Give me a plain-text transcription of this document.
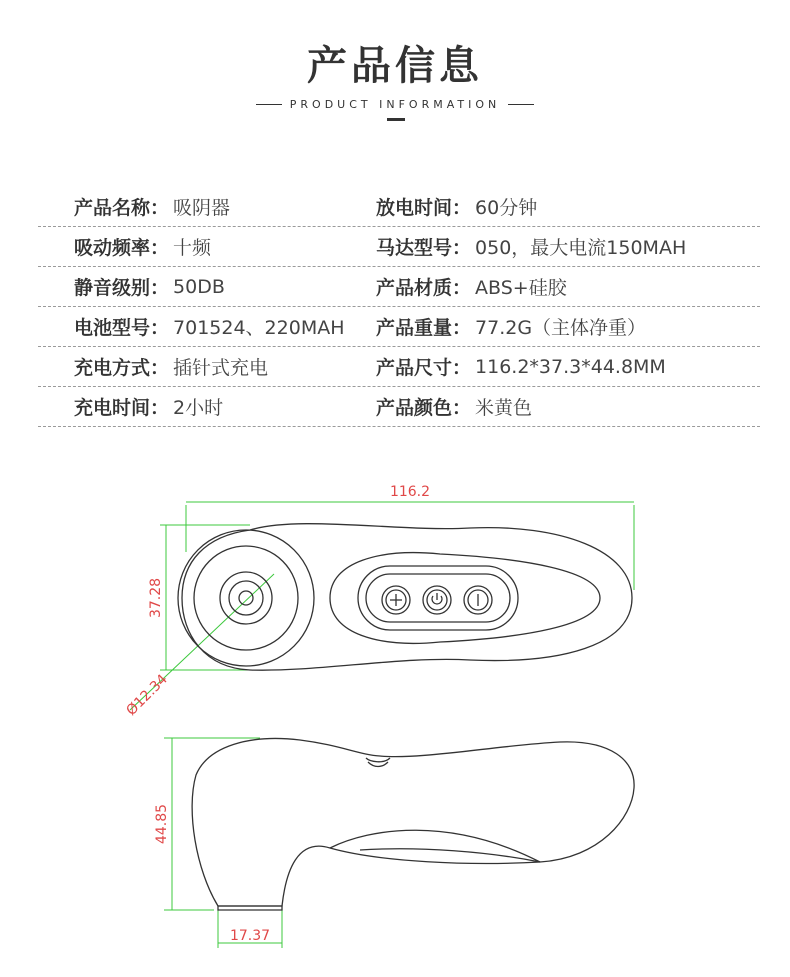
产品信息
PRODUCT INFORMATION
产品名称 ： 吸阴器	放电时间 ： 60分钟
吸动频率 ： 十频	马达型号 ： 050，最大电流150MAH
静音级别 ： 50DB	产品材质 ： ABS+硅胶
电池型号 ： 701524、220MAH 产品重量 ： 77.2G（主体净重）
充电方式 ： 插针式充电	产品尺寸 ： 116.2*37.3*44.8MM
充电时间 ： 2小时	产品颜色 ： 米黄色
116.2
37.28
Ø12.34
44.85
17.37
